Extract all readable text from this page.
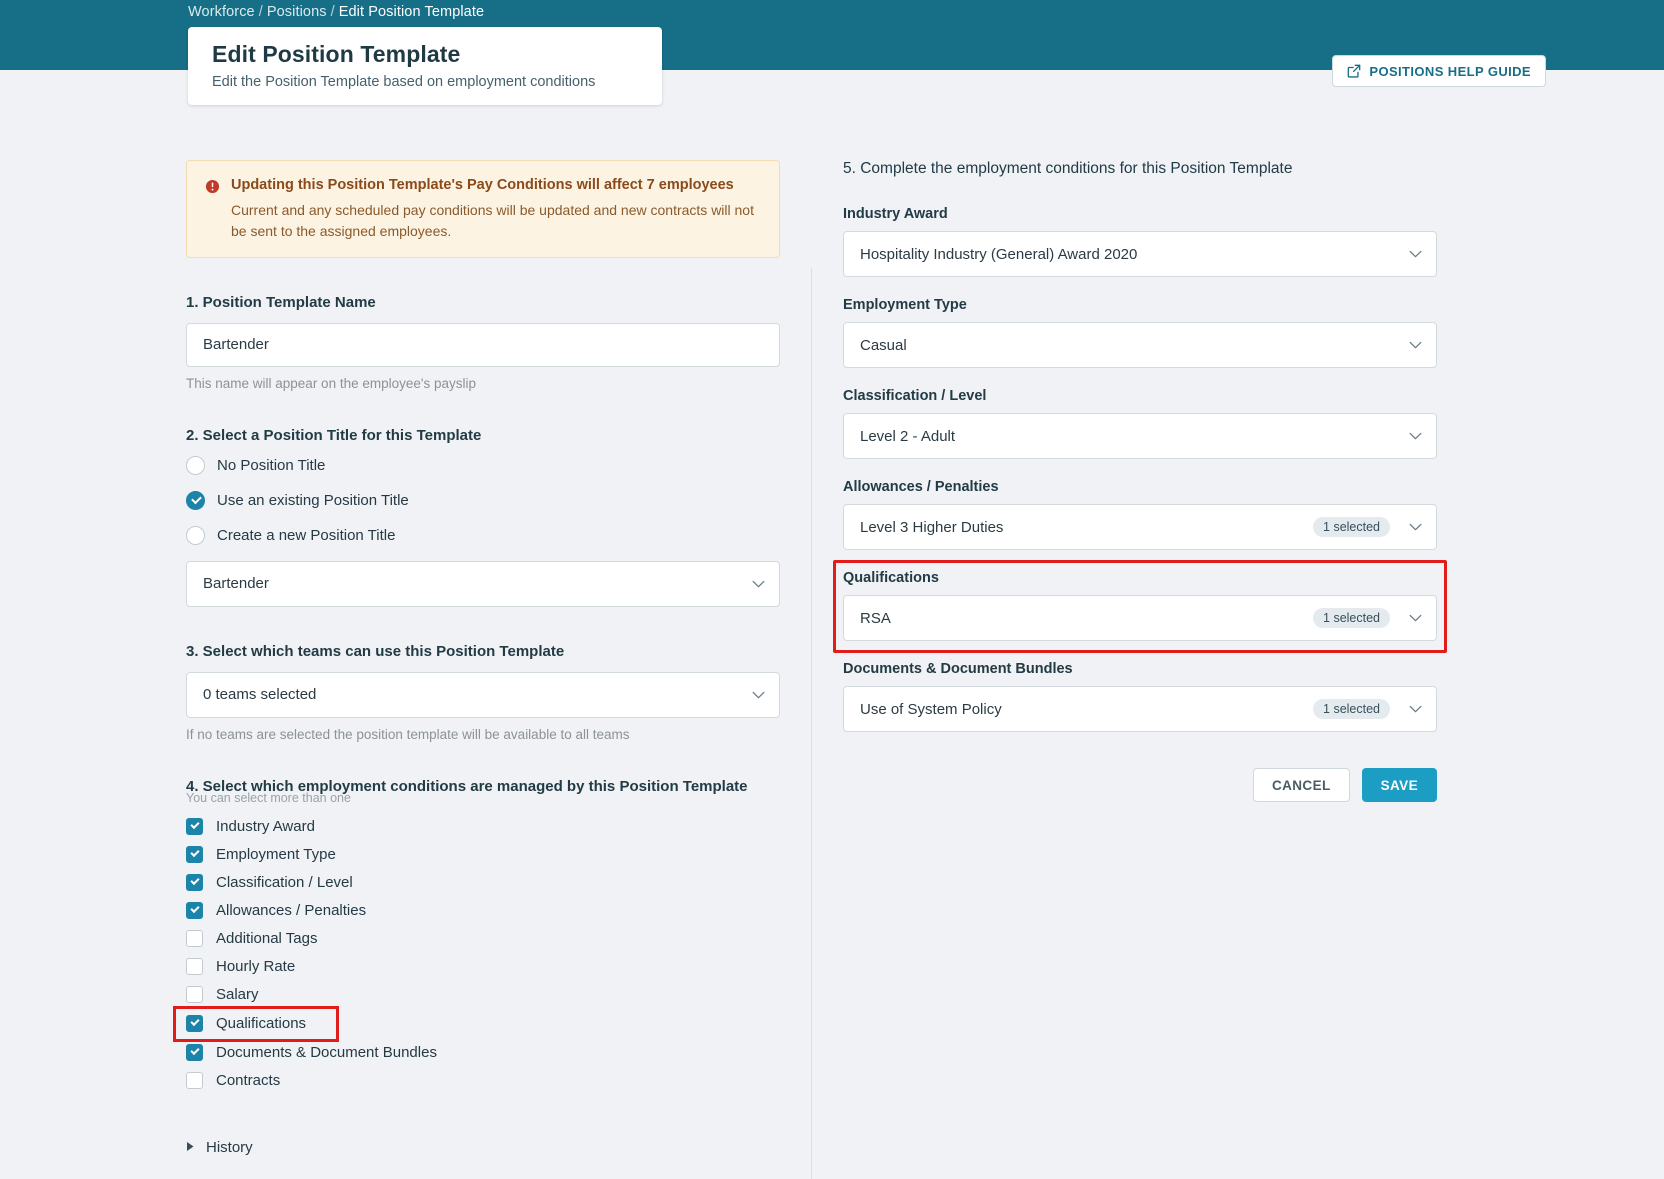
Workforce / Positions / Edit Position Template
Edit Position Template

Edit the Position Template based on employment conditions

POSITIONS HELP GUIDE

Updating this Position Template's Pay Conditions will affect 7 employees

Current and any scheduled pay conditions will be updated and new contracts will not be sent to the assigned employees.

1. Position Template Name
Bartender
This name will appear on the employee's payslip
2. Select a Position Title for this Template
No Position Title
Use an existing Position Title
Create a new Position Title
Bartender
3. Select which teams can use this Position Template
0 teams selected
If no teams are selected the position template will be available to all teams
4. Select which employment conditions are managed by this Position Template
You can select more than one
Industry Award
Employment Type
Classification / Level
Allowances / Penalties
Additional Tags
Hourly Rate
Salary
Qualifications
Documents & Document Bundles
Contracts
History
5. Complete the employment conditions for this Position Template
Industry Award
Hospitality Industry (General) Award 2020
Employment Type
Casual
Classification / Level
Level 2 - Adult
Allowances / Penalties
Level 3 Higher Duties	1 selected
Qualifications
RSA	1 selected
Documents & Document Bundles
Use of System Policy	1 selected
CANCEL	SAVE
